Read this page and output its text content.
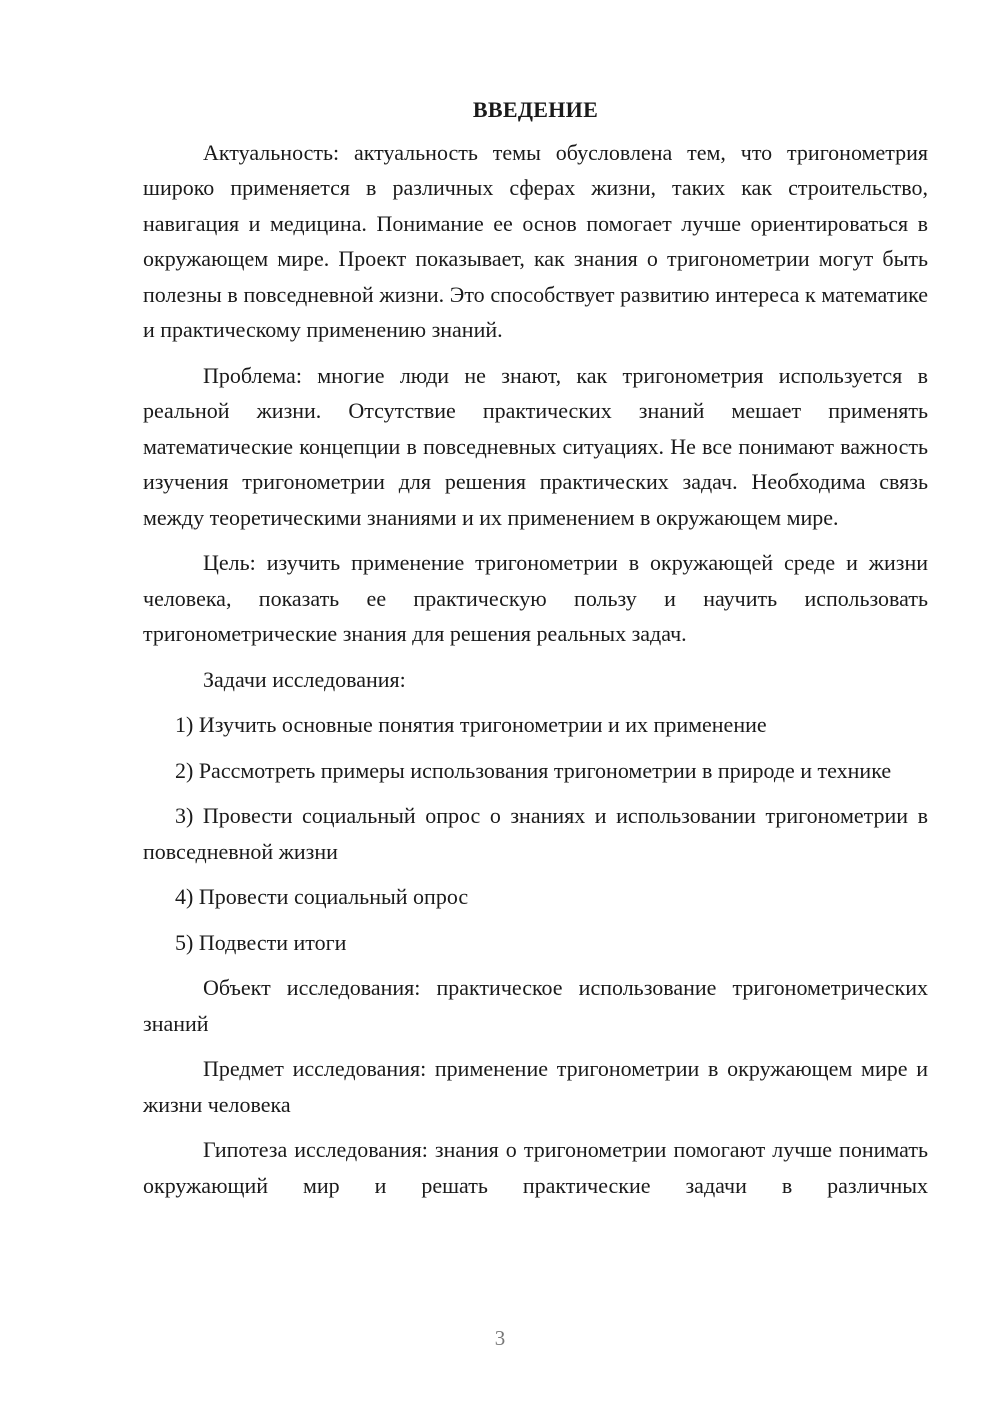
ВВЕДЕНИЕ
Актуальность: актуальность темы обусловлена тем, что тригонометрия широко применяется в различных сферах жизни, таких как строительство, навигация и медицина. Понимание ее основ помогает лучше ориентироваться в окружающем мире. Проект показывает, как знания о тригонометрии могут быть полезны в повседневной жизни. Это способствует развитию интереса к математике и практическому применению знаний.
Проблема: многие люди не знают, как тригонометрия используется в реальной жизни. Отсутствие практических знаний мешает применять математические концепции в повседневных ситуациях. Не все понимают важность изучения тригонометрии для решения практических задач. Необходима связь между теоретическими знаниями и их применением в окружающем мире.
Цель: изучить применение тригонометрии в окружающей среде и жизни человека, показать ее практическую пользу и научить использовать тригонометрические знания для решения реальных задач.
Задачи исследования:
1) Изучить основные понятия тригонометрии и их применение
2) Рассмотреть примеры использования тригонометрии в природе и технике
3) Провести социальный опрос о знаниях и использовании тригонометрии в повседневной жизни
4) Провести социальный опрос
5) Подвести итоги
Объект исследования: практическое использование тригонометрических знаний
Предмет исследования: применение тригонометрии в окружающем мире и жизни человека
Гипотеза исследования: знания о тригонометрии помогают лучше понимать окружающий мир и решать практические задачи в различных
3
